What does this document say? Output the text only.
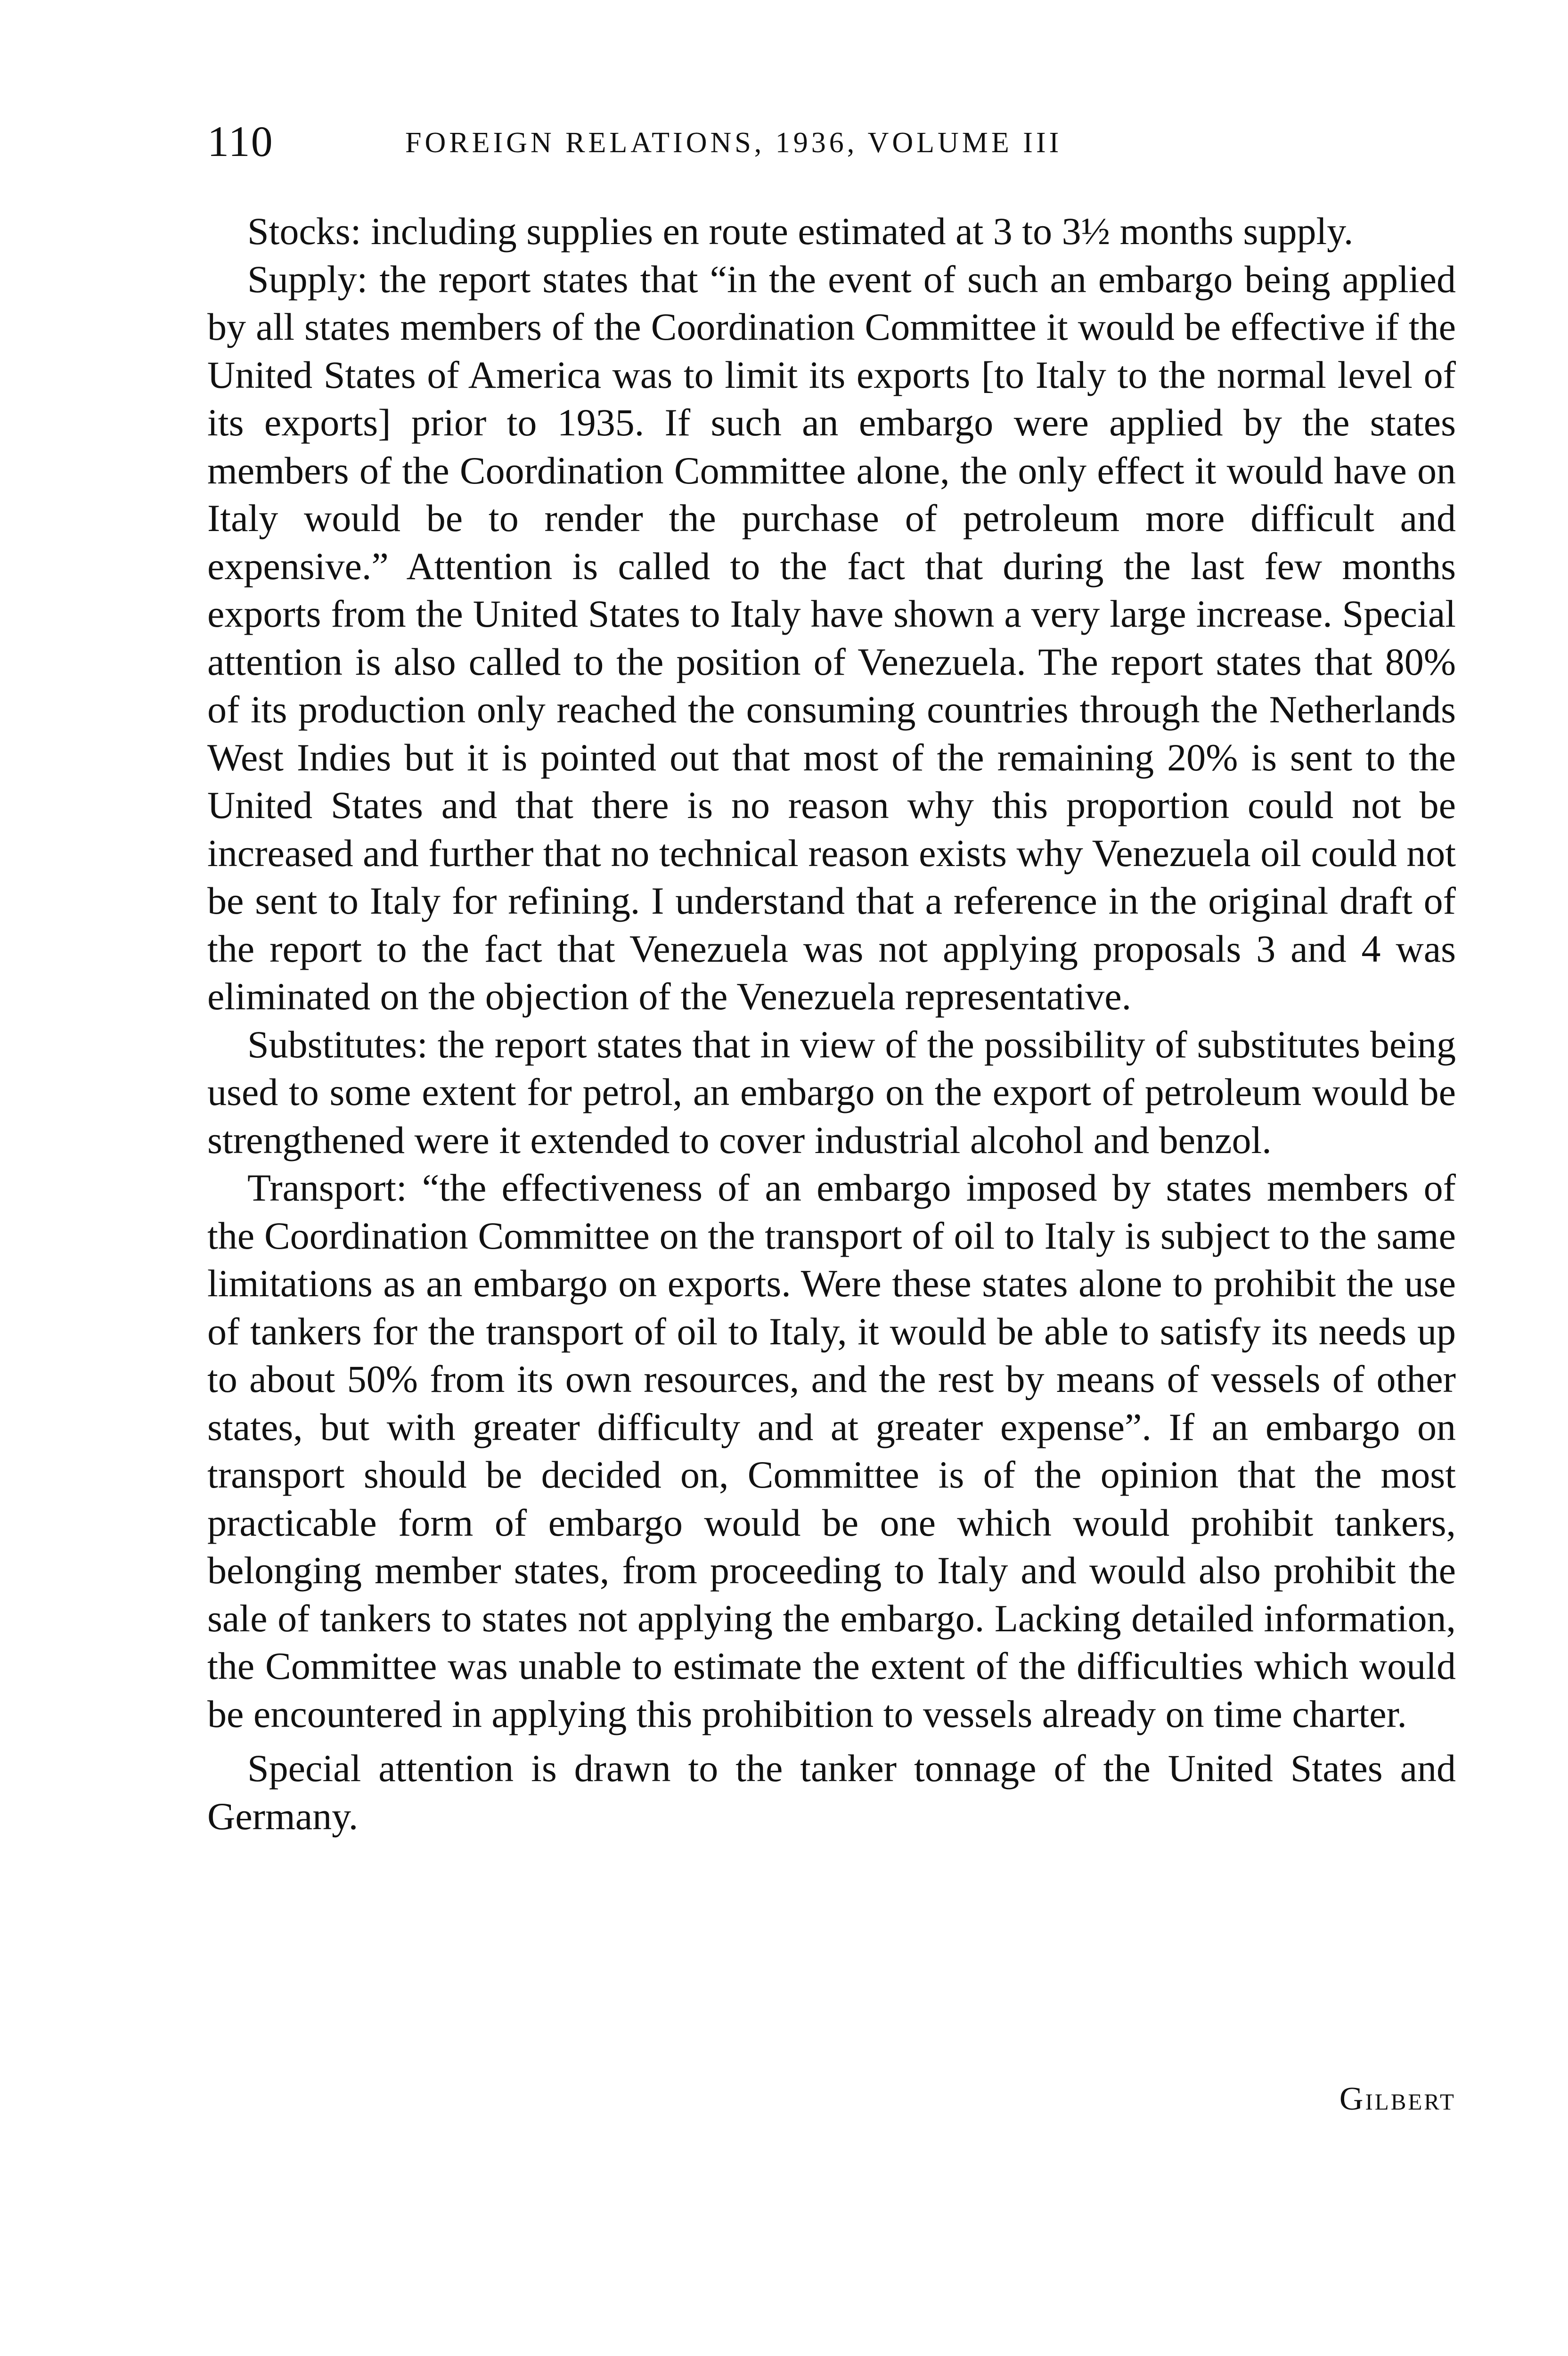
110	FOREIGN RELATIONS, 1936, VOLUME III

Stocks: including supplies en route estimated at 3 to 3½ months supply.

Supply: the report states that “in the event of such an embargo being applied by all states members of the Coordination Committee it would be effective if the United States of America was to limit its exports [to Italy to the normal level of its exports] prior to 1935. If such an embargo were applied by the states members of the Coordination Committee alone, the only effect it would have on Italy would be to render the purchase of petroleum more difficult and expensive.” Attention is called to the fact that during the last few months exports from the United States to Italy have shown a very large increase. Special attention is also called to the position of Venezuela. The report states that 80% of its production only reached the consuming countries through the Netherlands West Indies but it is pointed out that most of the remaining 20% is sent to the United States and that there is no reason why this proportion could not be increased and further that no technical reason exists why Venezuela oil could not be sent to Italy for refining. I understand that a reference in the original draft of the report to the fact that Venezuela was not applying proposals 3 and 4 was eliminated on the objection of the Venezuela representative.

Substitutes: the report states that in view of the possibility of substitutes being used to some extent for petrol, an embargo on the export of petroleum would be strengthened were it extended to cover industrial alcohol and benzol.

Transport: “the effectiveness of an embargo imposed by states members of the Coordination Committee on the transport of oil to Italy is subject to the same limitations as an embargo on exports. Were these states alone to prohibit the use of tankers for the transport of oil to Italy, it would be able to satisfy its needs up to about 50% from its own resources, and the rest by means of vessels of other states, but with greater difficulty and at greater expense”. If an embargo on transport should be decided on, Committee is of the opinion that the most practicable form of embargo would be one which would prohibit tankers, belonging member states, from proceeding to Italy and would also prohibit the sale of tankers to states not applying the embargo. Lacking detailed information, the Committee was unable to estimate the extent of the difficulties which would be encountered in applying this prohibition to vessels already on time charter.

Special attention is drawn to the tanker tonnage of the United States and Germany.

Gilbert
